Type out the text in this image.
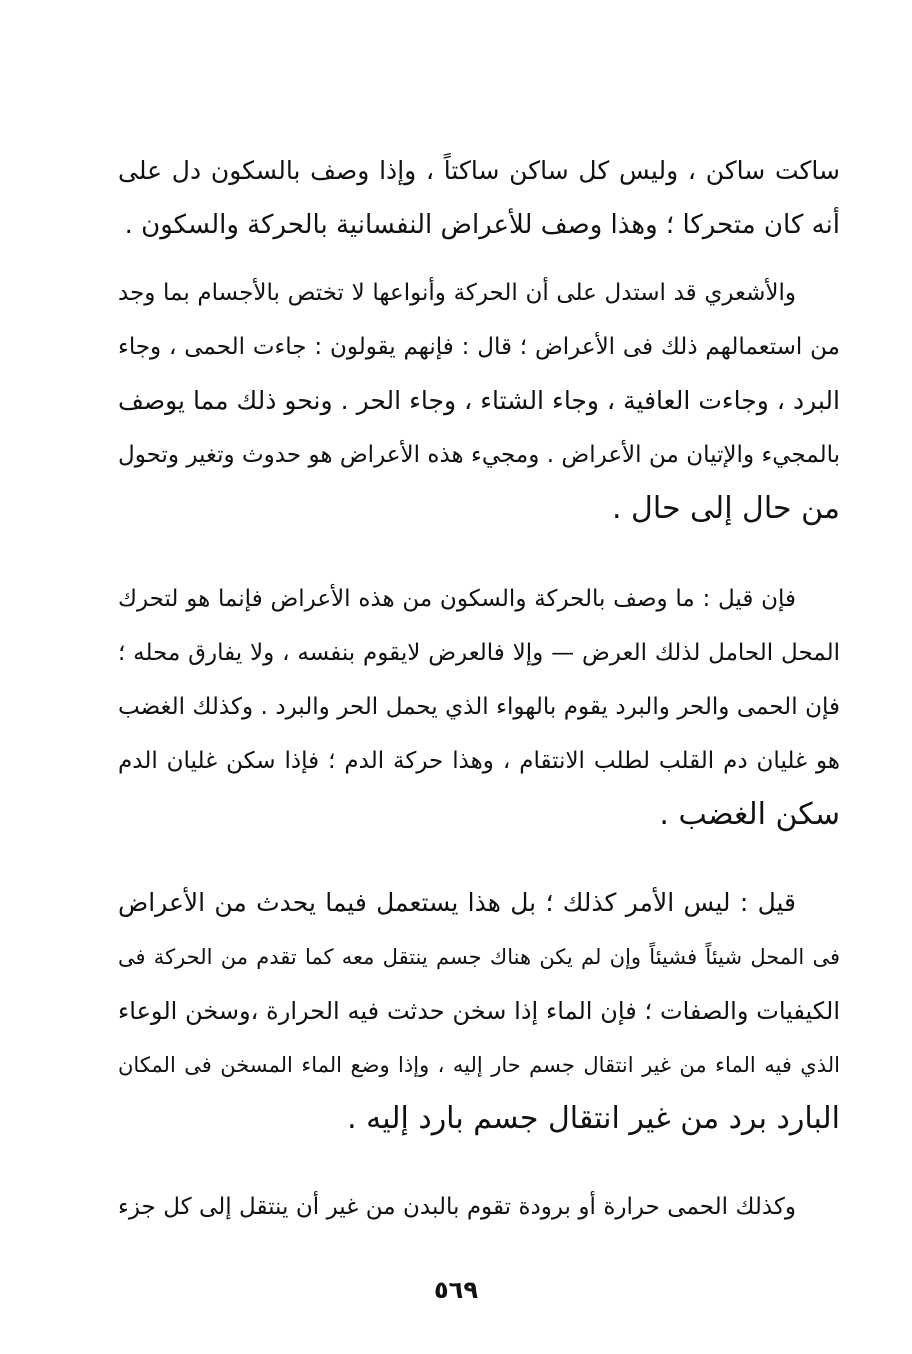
ساكت ساكن ، وليس كل ساكن ساكتاً ، وإذا وصف بالسكون دل على
أنه كان متحركا ؛ وهذا وصف للأعراض النفسانية بالحركة والسكون .
والأشعري قد استدل على أن الحركة وأنواعها لا تختص بالأجسام بما وجد
من استعمالهم ذلك فى الأعراض ؛ قال : فإنهم يقولون : جاءت الحمى ، وجاء
البرد ، وجاءت العافية ، وجاء الشتاء ، وجاء الحر . ونحو ذلك مما يوصف
بالمجيء والإتيان من الأعراض . ومجيء هذه الأعراض هو حدوث وتغير وتحول
من حال إلى حال .
فإن قيل : ما وصف بالحركة والسكون من هذه الأعراض فإنما هو لتحرك
المحل الحامل لذلك العرض — وإلا فالعرض لايقوم بنفسه ، ولا يفارق محله ؛
فإن الحمى والحر والبرد يقوم بالهواء الذي يحمل الحر والبرد . وكذلك الغضب
هو غليان دم القلب لطلب الانتقام ، وهذا حركة الدم ؛ فإذا سكن غليان الدم
سكن الغضب .
قيل : ليس الأمر كذلك ؛ بل هذا يستعمل فيما يحدث من الأعراض
فى المحل شيئاً فشيئاً وإن لم يكن هناك جسم ينتقل معه كما تقدم من الحركة فى
الكيفيات والصفات ؛ فإن الماء إذا سخن حدثت فيه الحرارة ،وسخن الوعاء
الذي فيه الماء من غير انتقال جسم حار إليه ، وإذا وضع الماء المسخن فى المكان
البارد برد من غير انتقال جسم بارد إليه .
وكذلك الحمى حرارة أو برودة تقوم بالبدن من غير أن ينتقل إلى كل جزء
٥٦٩
